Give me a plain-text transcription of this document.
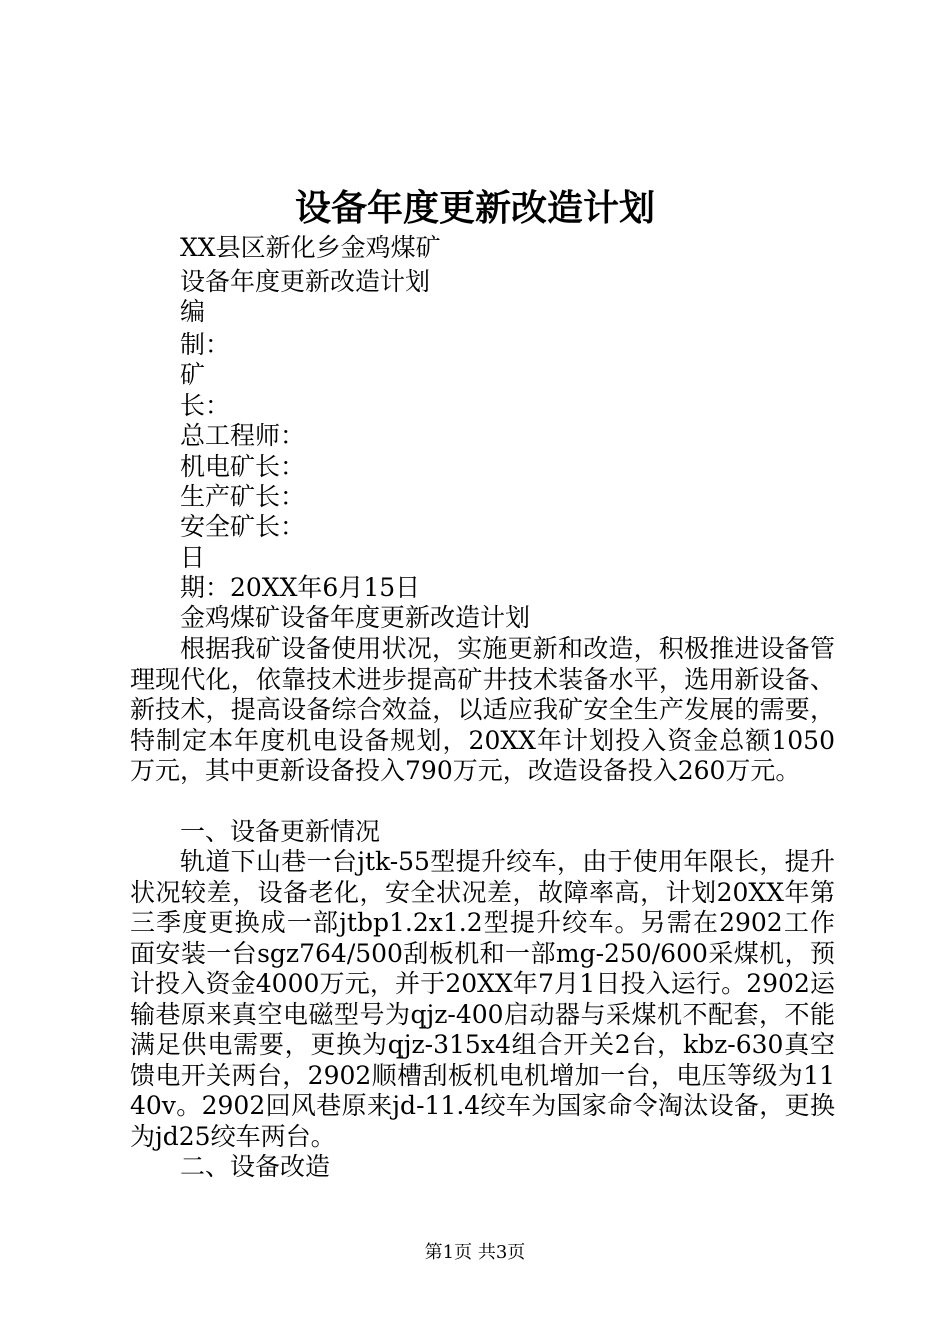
设备年度更新改造计划
XX县区新化乡金鸡煤矿
设备年度更新改造计划
编
制：
矿
长：
总工程师：
机电矿长：
生产矿长：
安全矿长：
日
期：20XX年6月15日
金鸡煤矿设备年度更新改造计划

根据我矿设备使用状况，实施更新和改造，积极推进设备管理现代化，依靠技术进步提高矿井技术装备水平，选用新设备、新技术，提高设备综合效益，以适应我矿安全生产发展的需要，特制定本年度机电设备规划，20XX年计划投入资金总额1050万元，其中更新设备投入790万元，改造设备投入260万元。

一、设备更新情况

轨道下山巷一台jtk-55型提升绞车，由于使用年限长，提升状况较差，设备老化，安全状况差，故障率高，计划20XX年第三季度更换成一部jtbp1.2x1.2型提升绞车。另需在2902工作面安装一台sgz764/500刮板机和一部mg-250/600采煤机，预计投入资金4000万元，并于20XX年7月1日投入运行。2902运输巷原来真空电磁型号为qjz-400启动器与采煤机不配套，不能满足供电需要，更换为qjz-315x4组合开关2台，kbz-630真空馈电开关两台，2902顺槽刮板机电机增加一台，电压等级为1140v。2902回风巷原来jd-11.4绞车为国家命令淘汰设备，更换为jd25绞车两台。

二、设备改造
第1页 共3页
